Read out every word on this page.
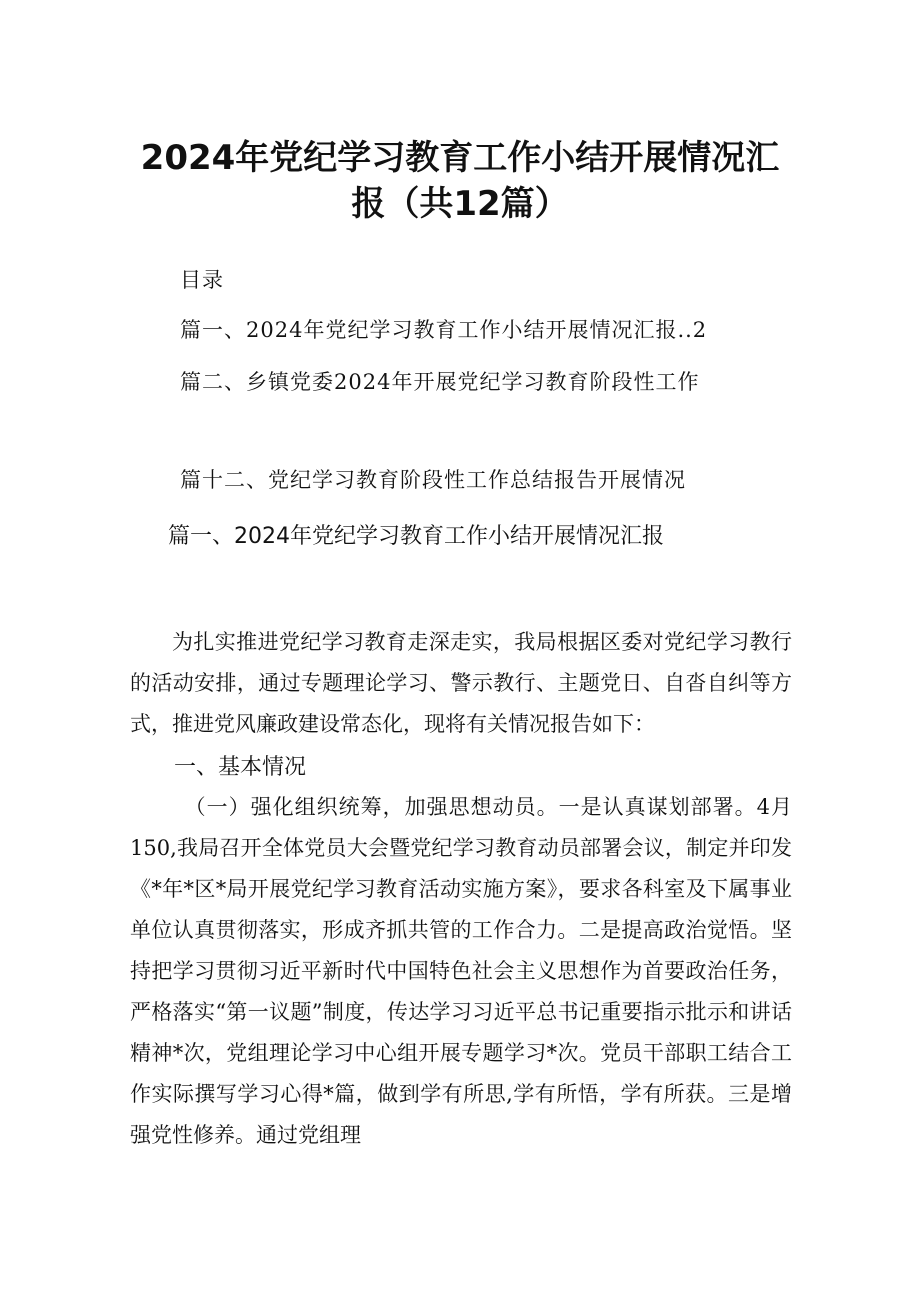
2024年党纪学习教育工作小结开展情况汇
报（共12篇）
目录
篇一、2024年党纪学习教育工作小结开展情况汇报..2
篇二、乡镇党委2024年开展党纪学习教育阶段性工作
篇十二、党纪学习教育阶段性工作总结报告开展情况
篇一、2024年党纪学习教育工作小结开展情况汇报
为扎实推进党纪学习教育走深走实，我局根据区委对党纪学习教行的活动安排，通过专题理论学习、警示教行、主题党日、自沓自纠等方式，推进党风廉政建设常态化，现将有关情况报告如下：
一、基本情况
（一）强化组织统筹，加强思想动员。一是认真谋划部署。4月150,我局召开全体党员大会暨党纪学习教育动员部署会议，制定并印发《*年*区*局开展党纪学习教育活动实施方案》，要求各科室及下属事业单位认真贯彻落实，形成齐抓共管的工作合力。二是提高政治觉悟。坚持把学习贯彻习近平新时代中国特色社会主义思想作为首要政治任务，严格落实“第一议题”制度，传达学习习近平总书记重要指示批示和讲话精神*次，党组理论学习中心组开展专题学习*次。党员干部职工结合工作实际撰写学习心得*篇，做到学有所思,学有所悟，学有所获。三是增强党性修养。通过党组理
